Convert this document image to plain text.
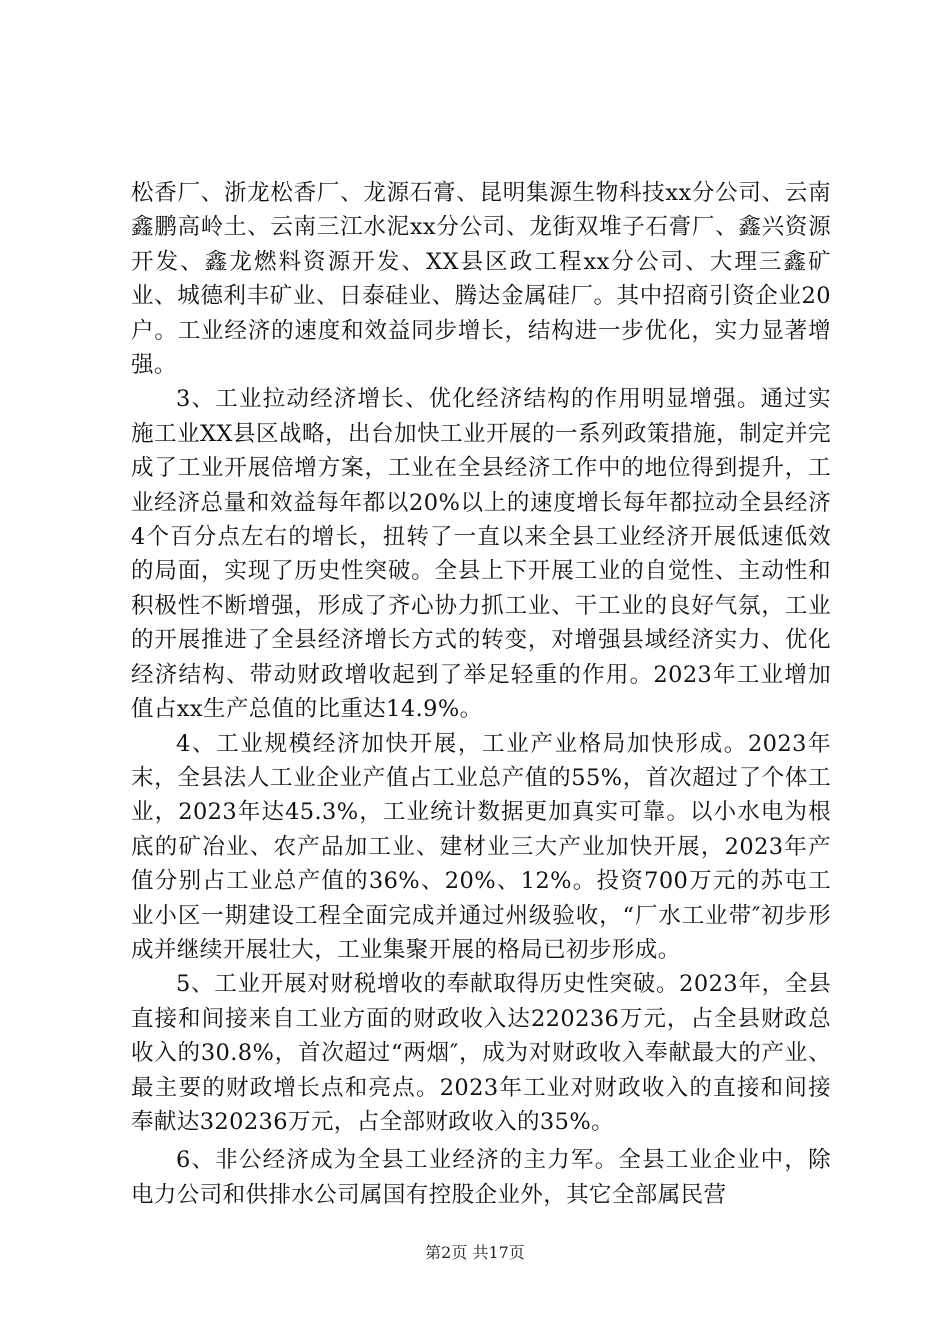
松香厂、浙龙松香厂、龙源石膏、昆明集源生物科技xx分公司、云南鑫鹏高岭土、云南三江水泥xx分公司、龙街双堆子石膏厂、鑫兴资源开发、鑫龙燃料资源开发、XX县区政工程xx分公司、大理三鑫矿业、城德利丰矿业、日泰硅业、腾达金属硅厂。其中招商引资企业20户。工业经济的速度和效益同步增长，结构进一步优化，实力显著增强。

3、工业拉动经济增长、优化经济结构的作用明显增强。通过实施工业XX县区战略，出台加快工业开展的一系列政策措施，制定并完成了工业开展倍增方案，工业在全县经济工作中的地位得到提升，工业经济总量和效益每年都以20%以上的速度增长每年都拉动全县经济4个百分点左右的增长，扭转了一直以来全县工业经济开展低速低效的局面，实现了历史性突破。全县上下开展工业的自觉性、主动性和积极性不断增强，形成了齐心协力抓工业、干工业的良好气氛，工业的开展推进了全县经济增长方式的转变，对增强县域经济实力、优化经济结构、带动财政增收起到了举足轻重的作用。2023年工业增加值占xx生产总值的比重达14.9%。

4、工业规模经济加快开展，工业产业格局加快形成。2023年末，全县法人工业企业产值占工业总产值的55%，首次超过了个体工业，2023年达45.3%，工业统计数据更加真实可靠。以小水电为根底的矿冶业、农产品加工业、建材业三大产业加快开展，2023年产值分别占工业总产值的36%、20%、12%。投资700万元的苏屯工业小区一期建设工程全面完成并通过州级验收，“厂水工业带″初步形成并继续开展壮大，工业集聚开展的格局已初步形成。

5、工业开展对财税增收的奉献取得历史性突破。2023年，全县直接和间接来自工业方面的财政收入达220236万元，占全县财政总收入的30.8%，首次超过“两烟″，成为对财政收入奉献最大的产业、最主要的财政增长点和亮点。2023年工业对财政收入的直接和间接奉献达320236万元，占全部财政收入的35%。

6、非公经济成为全县工业经济的主力军。全县工业企业中，除电力公司和供排水公司属国有控股企业外，其它全部属民营

第2页 共17页
